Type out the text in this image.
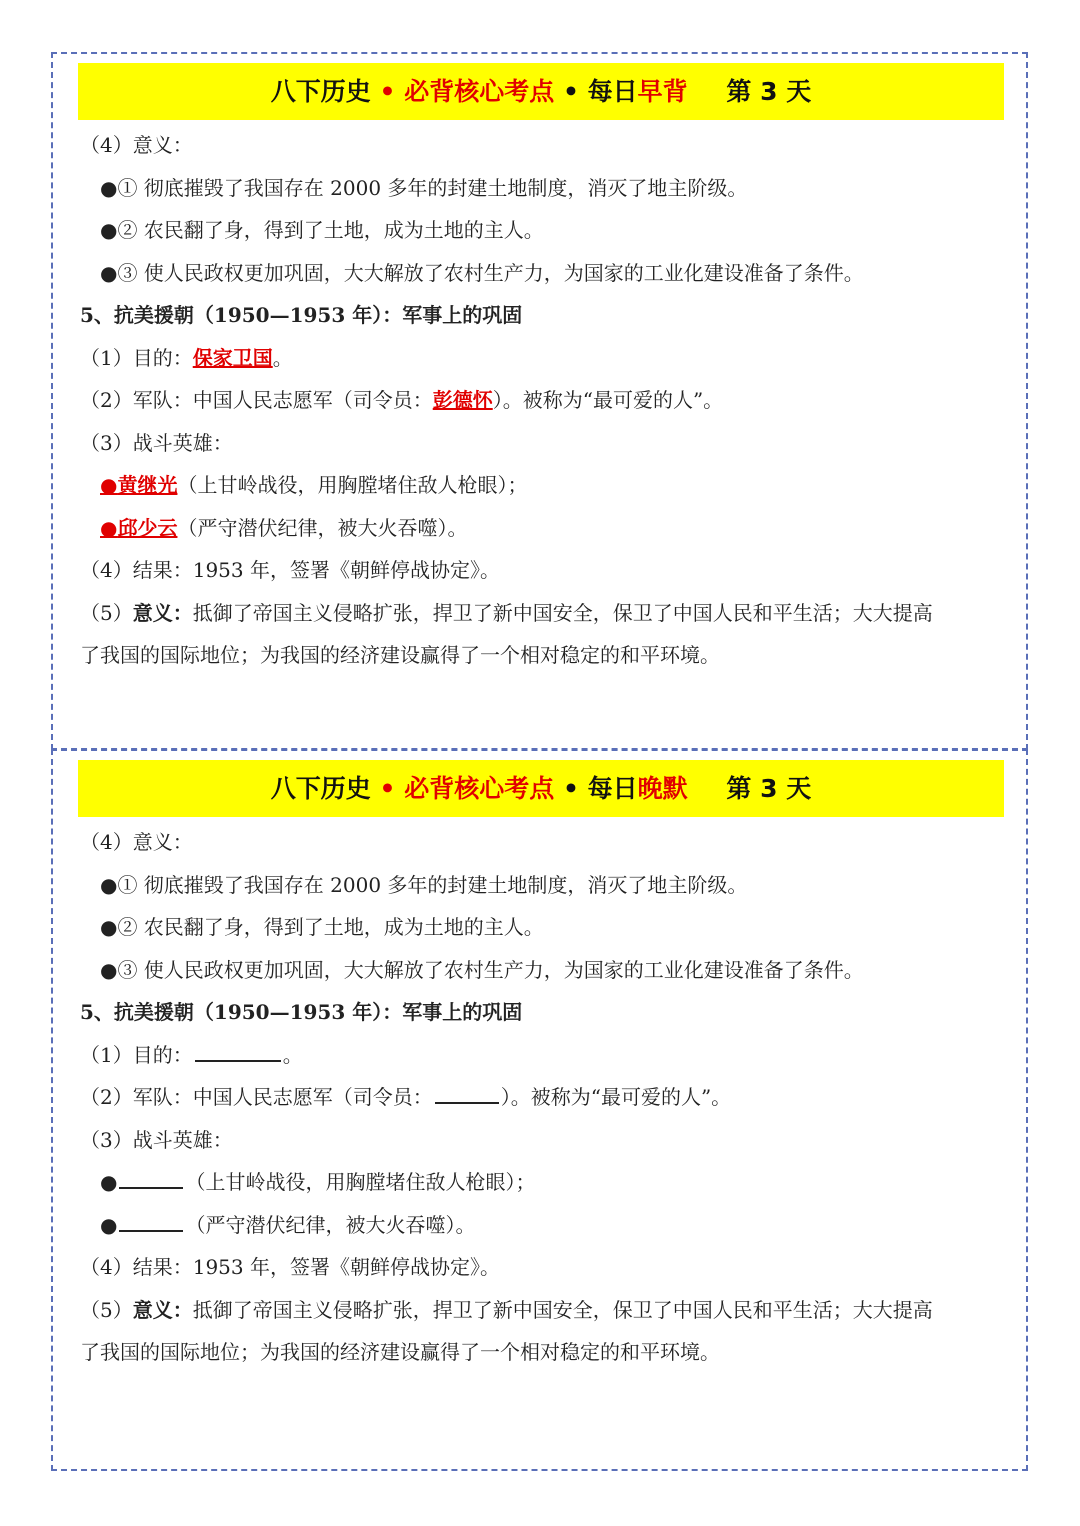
八下历史 • 必背核心考点 • 每日早背 第 3 天
（4）意义：
●① 彻底摧毁了我国存在 2000 多年的封建土地制度，消灭了地主阶级。
●② 农民翻了身，得到了土地，成为土地的主人。
●③ 使人民政权更加巩固，大大解放了农村生产力，为国家的工业化建设准备了条件。
5、抗美援朝（1950—1953 年）：军事上的巩固
（1）目的：保家卫国。
（2）军队：中国人民志愿军（司令员：彭德怀）。被称为“最可爱的人”。
（3）战斗英雄：
●黄继光（上甘岭战役，用胸膛堵住敌人枪眼）；
●邱少云（严守潜伏纪律，被大火吞噬）。
（4）结果：1953 年，签署《朝鲜停战协定》。
（5）意义：抵御了帝国主义侵略扩张，捍卫了新中国安全，保卫了中国人民和平生活；大大提高
了我国的国际地位；为我国的经济建设赢得了一个相对稳定的和平环境。
八下历史 • 必背核心考点 • 每日晚默 第 3 天
（4）意义：
●① 彻底摧毁了我国存在 2000 多年的封建土地制度，消灭了地主阶级。
●② 农民翻了身，得到了土地，成为土地的主人。
●③ 使人民政权更加巩固，大大解放了农村生产力，为国家的工业化建设准备了条件。
5、抗美援朝（1950—1953 年）：军事上的巩固
（1）目的：	。
（2）军队：中国人民志愿军（司令员：	）。被称为“最可爱的人”。
（3）战斗英雄：
●	（上甘岭战役，用胸膛堵住敌人枪眼）；
●	（严守潜伏纪律，被大火吞噬）。
（4）结果：1953 年，签署《朝鲜停战协定》。
（5）意义：抵御了帝国主义侵略扩张，捍卫了新中国安全，保卫了中国人民和平生活；大大提高
了我国的国际地位；为我国的经济建设赢得了一个相对稳定的和平环境。
